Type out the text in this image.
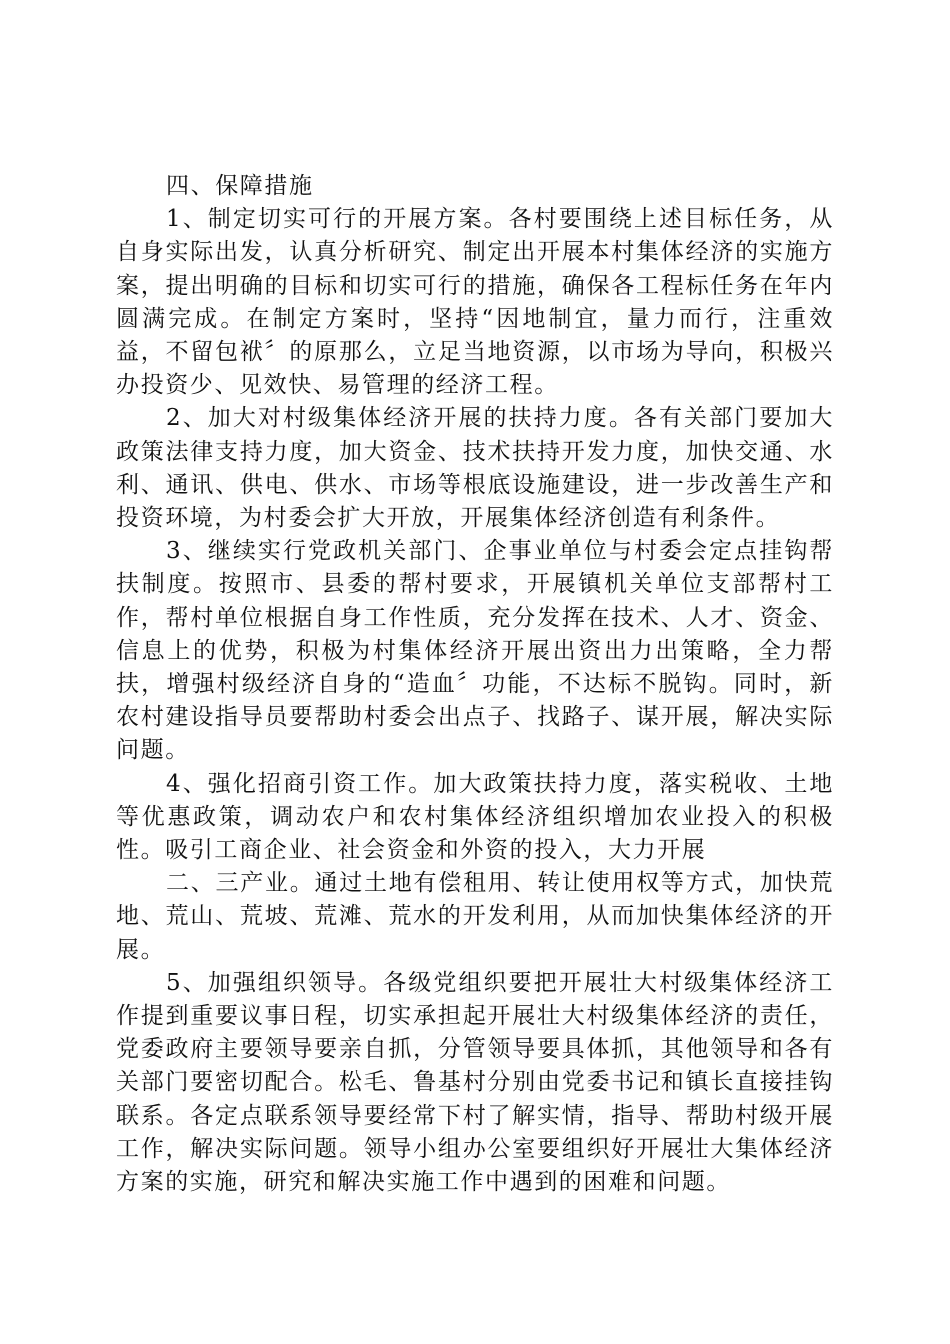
四、保障措施

1、制定切实可行的开展方案。各村要围绕上述目标任务，从自身实际出发，认真分析研究、制定出开展本村集体经济的实施方案，提出明确的目标和切实可行的措施，确保各工程标任务在年内圆满完成。在制定方案时，坚持“因地制宜，量力而行，注重效益，不留包袱〞的原那么，立足当地资源，以市场为导向，积极兴办投资少、见效快、易管理的经济工程。

2、加大对村级集体经济开展的扶持力度。各有关部门要加大政策法律支持力度，加大资金、技术扶持开发力度，加快交通、水利、通讯、供电、供水、市场等根底设施建设，进一步改善生产和投资环境，为村委会扩大开放，开展集体经济创造有利条件。

3、继续实行党政机关部门、企事业单位与村委会定点挂钩帮扶制度。按照市、县委的帮村要求，开展镇机关单位支部帮村工作，帮村单位根据自身工作性质，充分发挥在技术、人才、资金、信息上的优势，积极为村集体经济开展出资出力出策略，全力帮扶，增强村级经济自身的“造血〞功能，不达标不脱钩。同时，新农村建设指导员要帮助村委会出点子、找路子、谋开展，解决实际问题。

4、强化招商引资工作。加大政策扶持力度，落实税收、土地等优惠政策，调动农户和农村集体经济组织增加农业投入的积极性。吸引工商企业、社会资金和外资的投入，大力开展

二、三产业。通过土地有偿租用、转让使用权等方式，加快荒地、荒山、荒坡、荒滩、荒水的开发利用，从而加快集体经济的开展。

5、加强组织领导。各级党组织要把开展壮大村级集体经济工作提到重要议事日程，切实承担起开展壮大村级集体经济的责任，党委政府主要领导要亲自抓，分管领导要具体抓，其他领导和各有关部门要密切配合。松毛、鲁基村分别由党委书记和镇长直接挂钩联系。各定点联系领导要经常下村了解实情，指导、帮助村级开展工作，解决实际问题。领导小组办公室要组织好开展壮大集体经济方案的实施，研究和解决实施工作中遇到的困难和问题。
